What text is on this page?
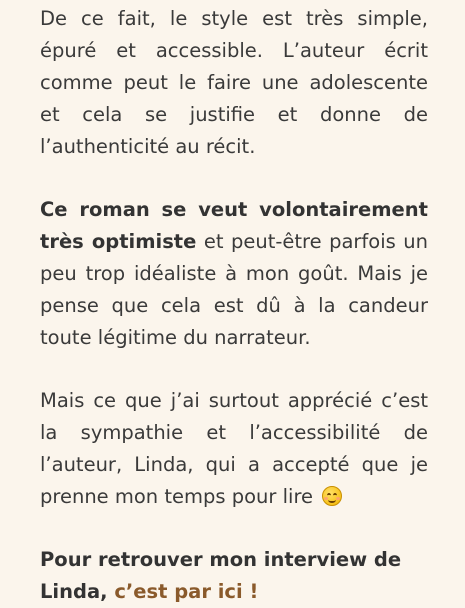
De ce fait, le style est très simple, épuré et accessible. L’auteur écrit comme peut le faire une adolescente et cela se justifie et donne de l’authenticité au récit.

Ce roman se veut volontairement très optimiste et peut-être parfois un peu trop idéaliste à mon goût. Mais je pense que cela est dû à la candeur toute légitime du narrateur.

Mais ce que j’ai surtout apprécié c’est la sympathie et l’accessibilité de l’auteur, Linda, qui a accepté que je prenne mon temps pour lire

Pour retrouver mon interview de Linda, c’est par ici !
